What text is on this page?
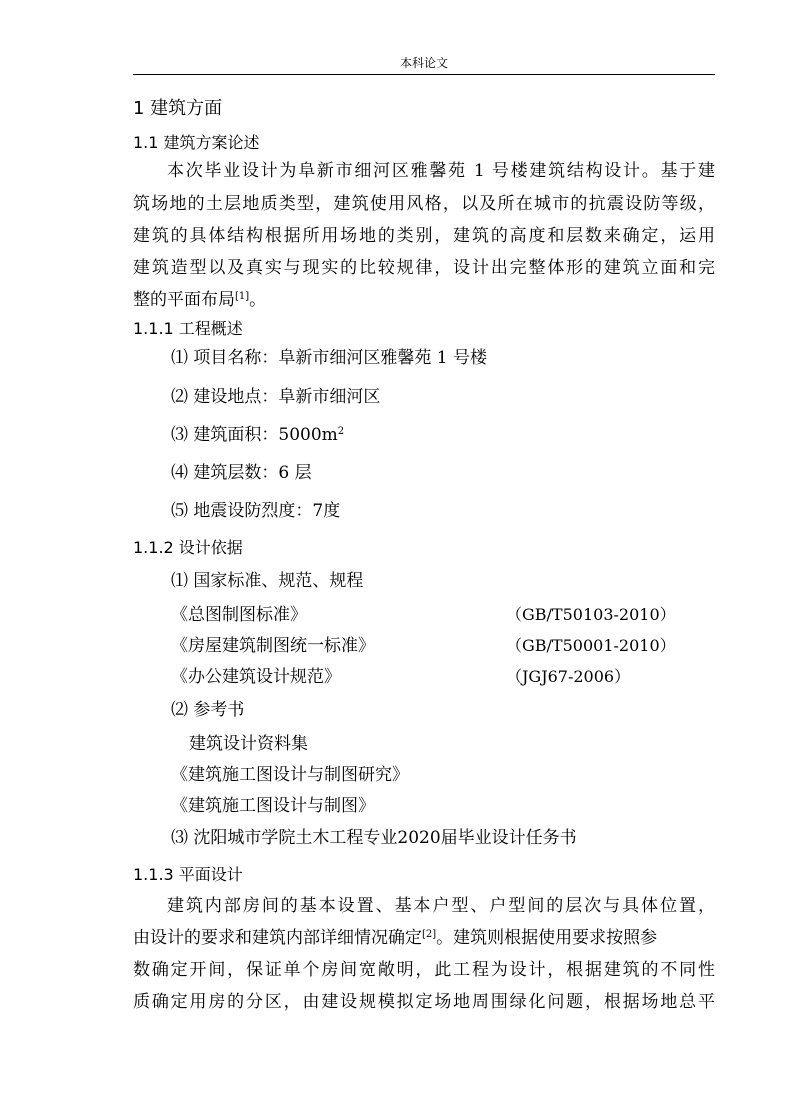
本科论文
1 建筑方面
1.1 建筑方案论述
本次毕业设计为阜新市细河区雅馨苑 1 号楼建筑结构设计。基于建
筑场地的土层地质类型，建筑使用风格，以及所在城市的抗震设防等级，
建筑的具体结构根据所用场地的类别，建筑的高度和层数来确定，运用
建筑造型以及真实与现实的比较规律，设计出完整体形的建筑立面和完
整的平面布局[1]。
1.1.1 工程概述
⑴ 项目名称：阜新市细河区雅馨苑 1 号楼
⑵ 建设地点：阜新市细河区
⑶ 建筑面积：$5000m^2$
⑷ 建筑层数：6 层
⑸ 地震设防烈度：7度
1.1.2 设计依据
⑴ 国家标准、规范、规程
《总图制图标准》	（GB/T50103-2010）
《房屋建筑制图统一标准》	（GB/T50001-2010）
《办公建筑设计规范》	（JGJ67-2006）
⑵ 参考书
建筑设计资料集
《建筑施工图设计与制图研究》
《建筑施工图设计与制图》
⑶ 沈阳城市学院土木工程专业2020届毕业设计任务书
1.1.3 平面设计
建筑内部房间的基本设置、基本户型、户型间的层次与具体位置，
由设计的要求和建筑内部详细情况确定[2]。建筑则根据使用要求按照参
数确定开间，保证单个房间宽敞明，此工程为设计，根据建筑的不同性
质确定用房的分区，由建设规模拟定场地周围绿化问题，根据场地总平
